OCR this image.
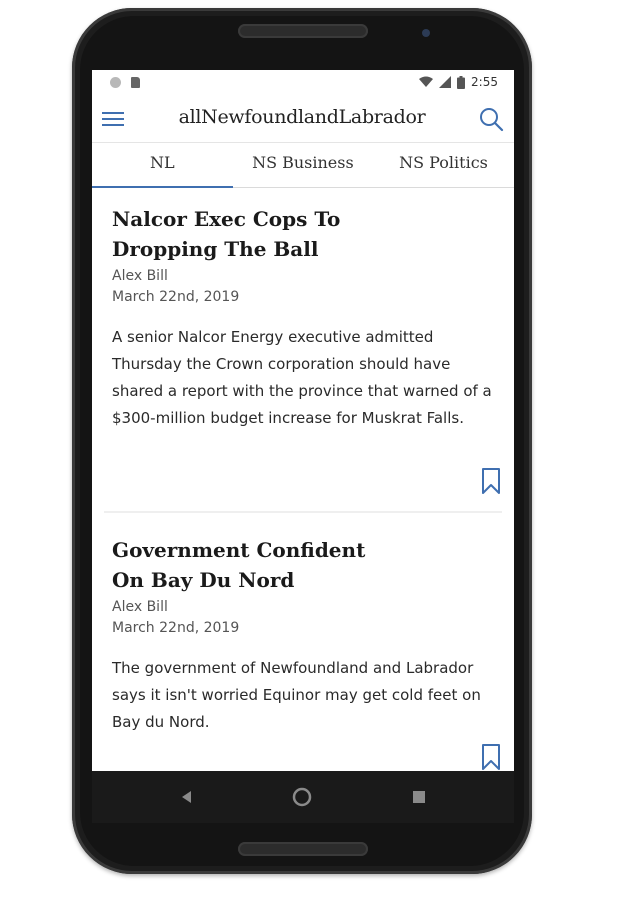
2:55
allNewfoundlandLabrador
NL	NS Business	NS Politics
Nalcor Exec Cops To Dropping The Ball
Alex Bill
March 22nd, 2019
A senior Nalcor Energy executive admitted Thursday the Crown corporation should have shared a report with the province that warned of a $300-million budget increase for Muskrat Falls.
Government Confident On Bay Du Nord
Alex Bill
March 22nd, 2019
The government of Newfoundland and Labrador says it isn't worried Equinor may get cold feet on Bay du Nord.
